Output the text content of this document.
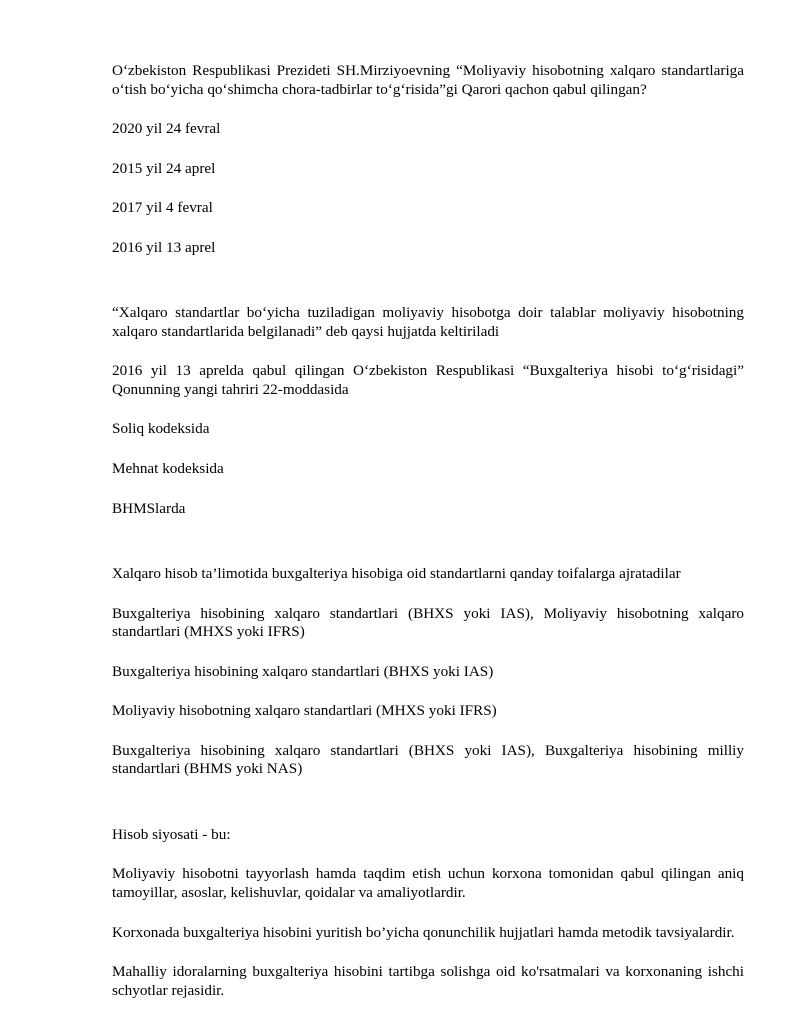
O‘zbekiston Respublikasi Prezideti SH.Mirziyoevning “Moliyaviy hisobotning xalqaro standartlariga o‘tish bo‘yicha qo‘shimcha chora-tadbirlar to‘g‘risida”gi Qarori qachon qabul qilingan?

2020 yil 24 fevral

2015 yil 24 aprel

2017 yil 4 fevral

2016 yil 13 aprel

“Xalqaro standartlar bo‘yicha tuziladigan moliyaviy hisobotga doir talablar moliyaviy hisobotning xalqaro standartlarida belgilanadi” deb qaysi hujjatda keltiriladi

2016 yil 13 aprelda qabul qilingan O‘zbekiston Respublikasi “Buxgalteriya hisobi to‘g‘risidagi” Qonunning yangi tahriri 22-moddasida

Soliq kodeksida

Mehnat kodeksida

BHMSlarda

Xalqaro hisob ta’limotida buxgalteriya hisobiga oid standartlarni qanday toifalarga ajratadilar

Buxgalteriya hisobining xalqaro standartlari (BHXS yoki IAS), Moliyaviy hisobotning xalqaro standartlari (MHXS yoki IFRS)

Buxgalteriya hisobining xalqaro standartlari (BHXS yoki IAS)

Moliyaviy hisobotning xalqaro standartlari (MHXS yoki IFRS)

Buxgalteriya hisobining xalqaro standartlari (BHXS yoki IAS), Buxgalteriya hisobining milliy standartlari (BHMS yoki NAS)

Hisob siyosati - bu:

Moliyaviy hisobotni tayyorlash hamda taqdim etish uchun korxona tomonidan qabul qilingan aniq tamoyillar, asoslar, kelishuvlar, qoidalar va amaliyotlardir.

Korxonada buxgalteriya hisobini yuritish bo’yicha qonunchilik hujjatlari hamda metodik tavsiyalardir.

Mahalliy idoralarning buxgalteriya hisobini tartibga solishga oid ko'rsatmalari va korxonaning ishchi schyotlar rejasidir.
